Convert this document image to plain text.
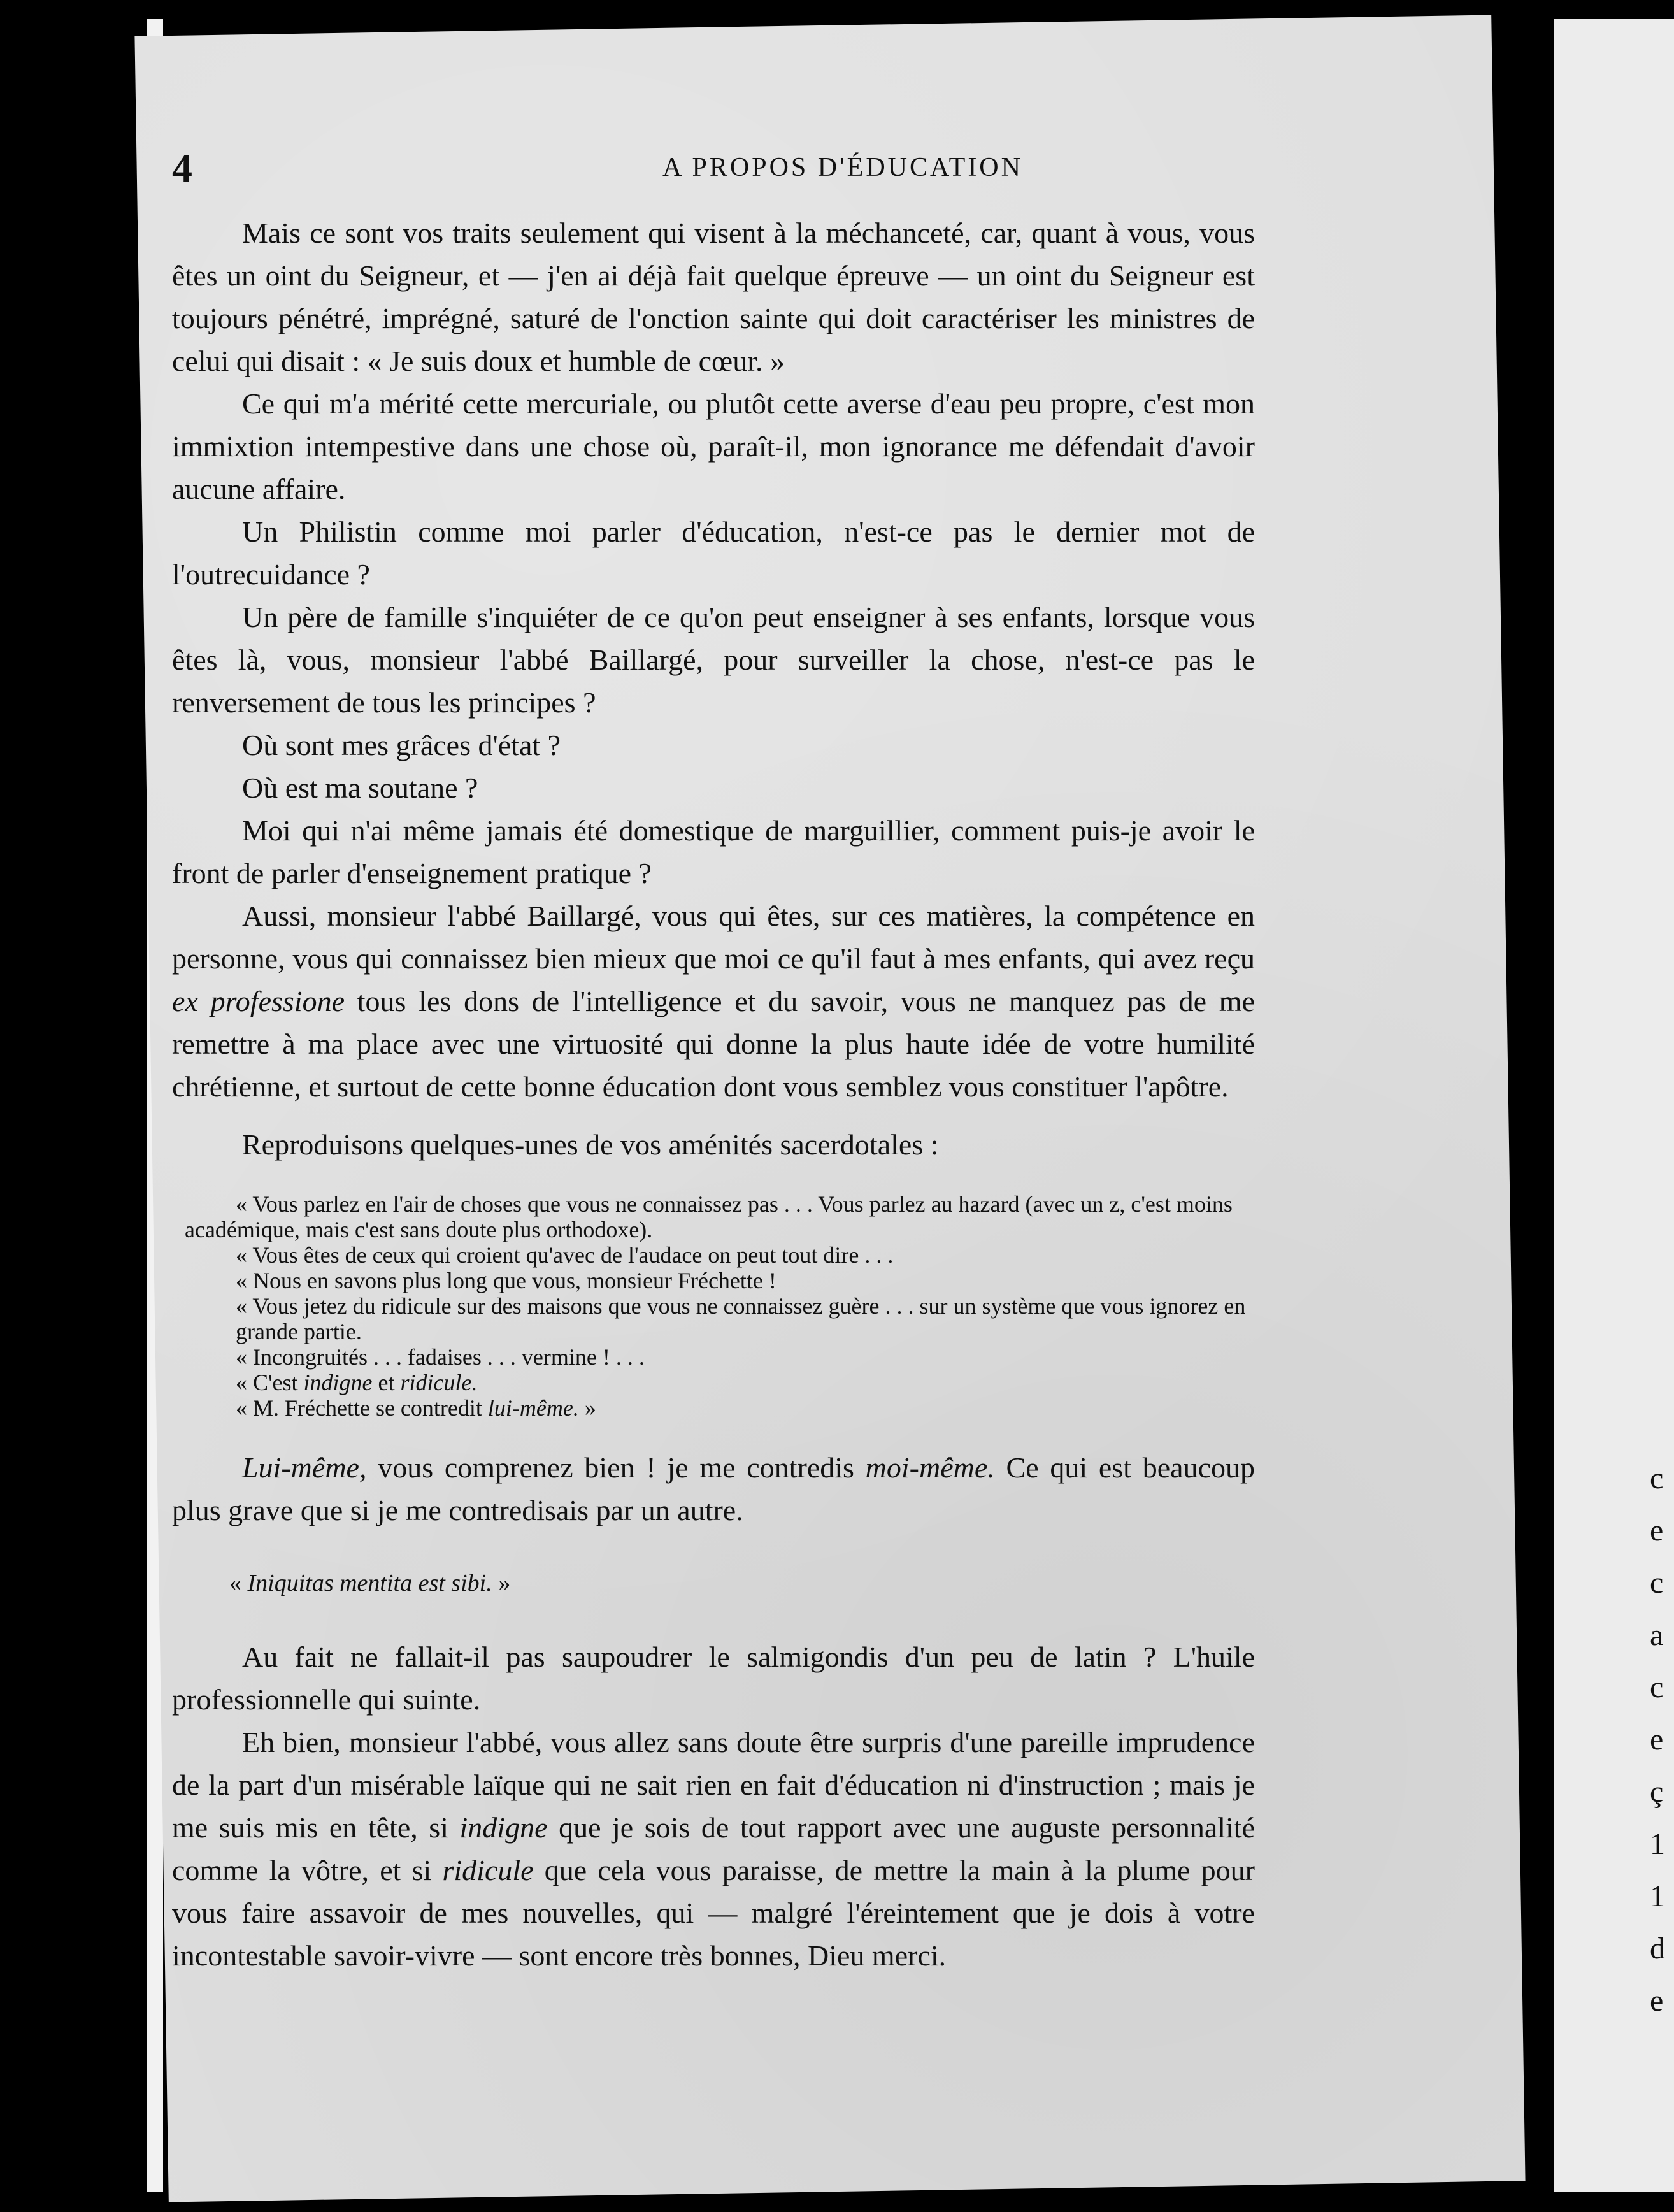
c
e
c
a
c
e
ç
1
1
d
e
4	A PROPOS D'ÉDUCATION

Mais ce sont vos traits seulement qui visent à la méchanceté, car, quant à vous, vous êtes un oint du Seigneur, et — j'en ai déjà fait quelque épreuve — un oint du Seigneur est toujours pénétré, imprégné, saturé de l'onction sainte qui doit caractériser les ministres de celui qui disait : « Je suis doux et humble de cœur. »

Ce qui m'a mérité cette mercuriale, ou plutôt cette averse d'eau peu propre, c'est mon immixtion intempestive dans une chose où, paraît-il, mon ignorance me défendait d'avoir aucune affaire.

Un Philistin comme moi parler d'éducation, n'est-ce pas le dernier mot de l'outrecuidance ?

Un père de famille s'inquiéter de ce qu'on peut enseigner à ses enfants, lorsque vous êtes là, vous, monsieur l'abbé Baillargé, pour surveiller la chose, n'est-ce pas le renversement de tous les principes ?

Où sont mes grâces d'état ?

Où est ma soutane ?

Moi qui n'ai même jamais été domestique de marguillier, comment puis-je avoir le front de parler d'enseignement pratique ?

Aussi, monsieur l'abbé Baillargé, vous qui êtes, sur ces matières, la compétence en personne, vous qui connaissez bien mieux que moi ce qu'il faut à mes enfants, qui avez reçu ex professione tous les dons de l'intelligence et du savoir, vous ne manquez pas de me remettre à ma place avec une virtuosité qui donne la plus haute idée de votre humilité chrétienne, et surtout de cette bonne éducation dont vous semblez vous constituer l'apôtre.

Reproduisons quelques-unes de vos aménités sacerdotales :

« Vous parlez en l'air de choses que vous ne connaissez pas . . . Vous parlez au hazard (avec un z, c'est moins académique, mais c'est sans doute plus orthodoxe).
« Vous êtes de ceux qui croient qu'avec de l'audace on peut tout dire . . .
« Nous en savons plus long que vous, monsieur Fréchette !
« Vous jetez du ridicule sur des maisons que vous ne connaissez guère . . . sur un système que vous ignorez en grande partie.
« Incongruités . . . fadaises . . . vermine ! . . .
« C'est indigne et ridicule.
« M. Fréchette se contredit lui-même. »

Lui-même, vous comprenez bien ! je me contredis moi-même. Ce qui est beaucoup plus grave que si je me contredisais par un autre.

« Iniquitas mentita est sibi. »

Au fait ne fallait-il pas saupoudrer le salmigondis d'un peu de latin ? L'huile professionnelle qui suinte.

Eh bien, monsieur l'abbé, vous allez sans doute être surpris d'une pareille imprudence de la part d'un misérable laïque qui ne sait rien en fait d'éducation ni d'instruction ; mais je me suis mis en tête, si indigne que je sois de tout rapport avec une auguste personnalité comme la vôtre, et si ridicule que cela vous paraisse, de mettre la main à la plume pour vous faire assavoir de mes nouvelles, qui — malgré l'éreintement que je dois à votre incontestable savoir-vivre — sont encore très bonnes, Dieu merci.
